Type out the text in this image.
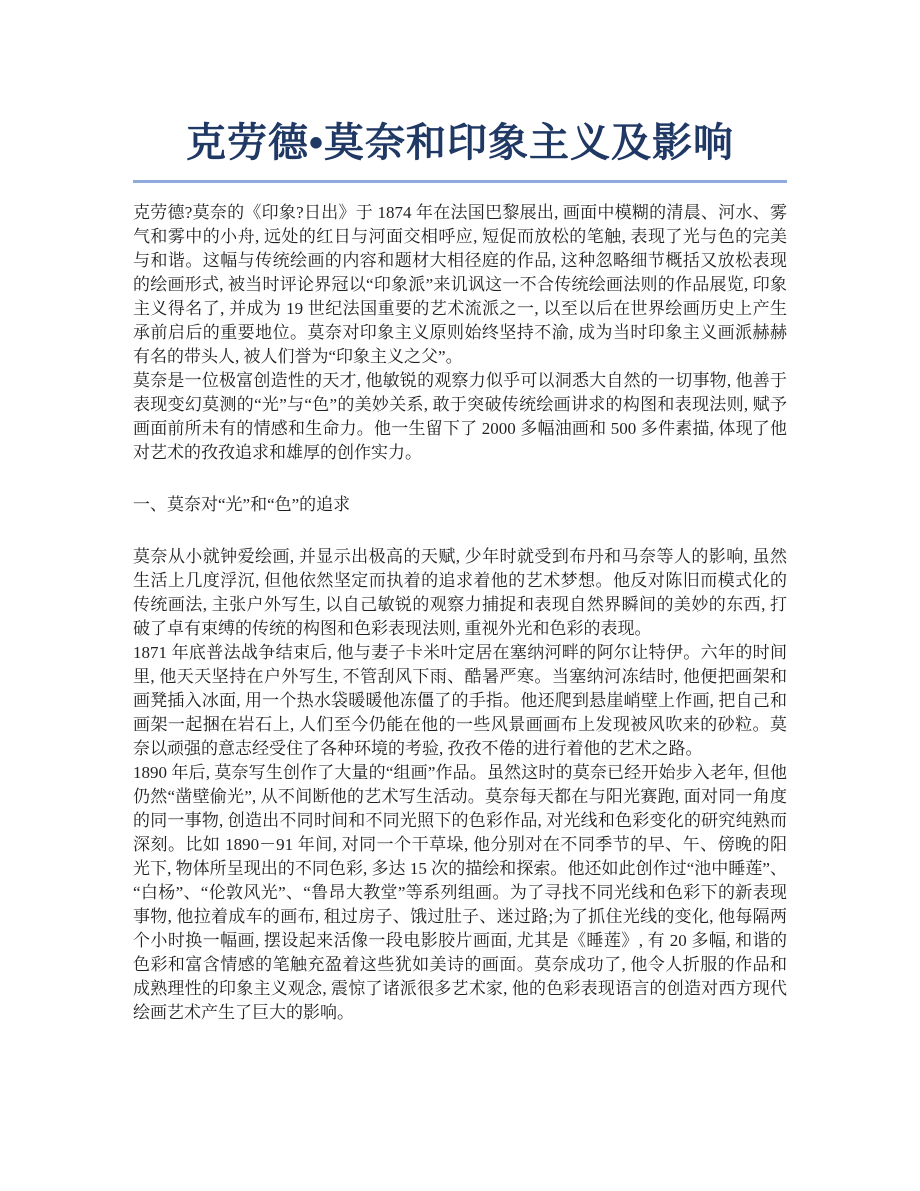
克劳德•莫奈和印象主义及影响

克劳德?莫奈的《印象?日出》于 1874 年在法国巴黎展出, 画面中模糊的清晨、河水、雾气和雾中的小舟, 远处的红日与河面交相呼应, 短促而放松的笔触, 表现了光与色的完美与和谐。这幅与传统绘画的内容和题材大相径庭的作品, 这种忽略细节概括又放松表现的绘画形式, 被当时评论界冠以“印象派”来讥讽这一不合传统绘画法则的作品展览, 印象主义得名了, 并成为 19 世纪法国重要的艺术流派之一, 以至以后在世界绘画历史上产生承前启后的重要地位。莫奈对印象主义原则始终坚持不渝, 成为当时印象主义画派赫赫有名的带头人, 被人们誉为“印象主义之父”。

莫奈是一位极富创造性的天才, 他敏锐的观察力似乎可以洞悉大自然的一切事物, 他善于表现变幻莫测的“光”与“色”的美妙关系, 敢于突破传统绘画讲求的构图和表现法则, 赋予画面前所未有的情感和生命力。他一生留下了 2000 多幅油画和 500 多件素描, 体现了他对艺术的孜孜追求和雄厚的创作实力。

一、莫奈对“光”和“色”的追求

莫奈从小就钟爱绘画, 并显示出极高的天赋, 少年时就受到布丹和马奈等人的影响, 虽然生活上几度浮沉, 但他依然坚定而执着的追求着他的艺术梦想。他反对陈旧而模式化的传统画法, 主张户外写生, 以自己敏锐的观察力捕捉和表现自然界瞬间的美妙的东西, 打破了卓有束缚的传统的构图和色彩表现法则, 重视外光和色彩的表现。

1871 年底普法战争结束后, 他与妻子卡米叶定居在塞纳河畔的阿尔让特伊。六年的时间里, 他天天坚持在户外写生, 不管刮风下雨、酷暑严寒。当塞纳河冻结时, 他便把画架和画凳插入冰面, 用一个热水袋暖暖他冻僵了的手指。他还爬到悬崖峭壁上作画, 把自己和画架一起捆在岩石上, 人们至今仍能在他的一些风景画画布上发现被风吹来的砂粒。莫奈以顽强的意志经受住了各种环境的考验, 孜孜不倦的进行着他的艺术之路。

1890 年后, 莫奈写生创作了大量的“组画”作品。虽然这时的莫奈已经开始步入老年, 但他仍然“凿壁偷光”, 从不间断他的艺术写生活动。莫奈每天都在与阳光赛跑, 面对同一角度的同一事物, 创造出不同时间和不同光照下的色彩作品, 对光线和色彩变化的研究纯熟而深刻。比如 1890－91 年间, 对同一个干草垛, 他分别对在不同季节的早、午、傍晚的阳光下, 物体所呈现出的不同色彩, 多达 15 次的描绘和探索。他还如此创作过“池中睡莲”、“白杨”、“伦敦风光”、“鲁昂大教堂”等系列组画。为了寻找不同光线和色彩下的新表现事物, 他拉着成车的画布, 租过房子、饿过肚子、迷过路;为了抓住光线的变化, 他每隔两个小时换一幅画, 摆设起来活像一段电影胶片画面, 尤其是《睡莲》, 有 20 多幅, 和谐的色彩和富含情感的笔触充盈着这些犹如美诗的画面。莫奈成功了, 他令人折服的作品和成熟理性的印象主义观念, 震惊了诸派很多艺术家, 他的色彩表现语言的创造对西方现代绘画艺术产生了巨大的影响。
